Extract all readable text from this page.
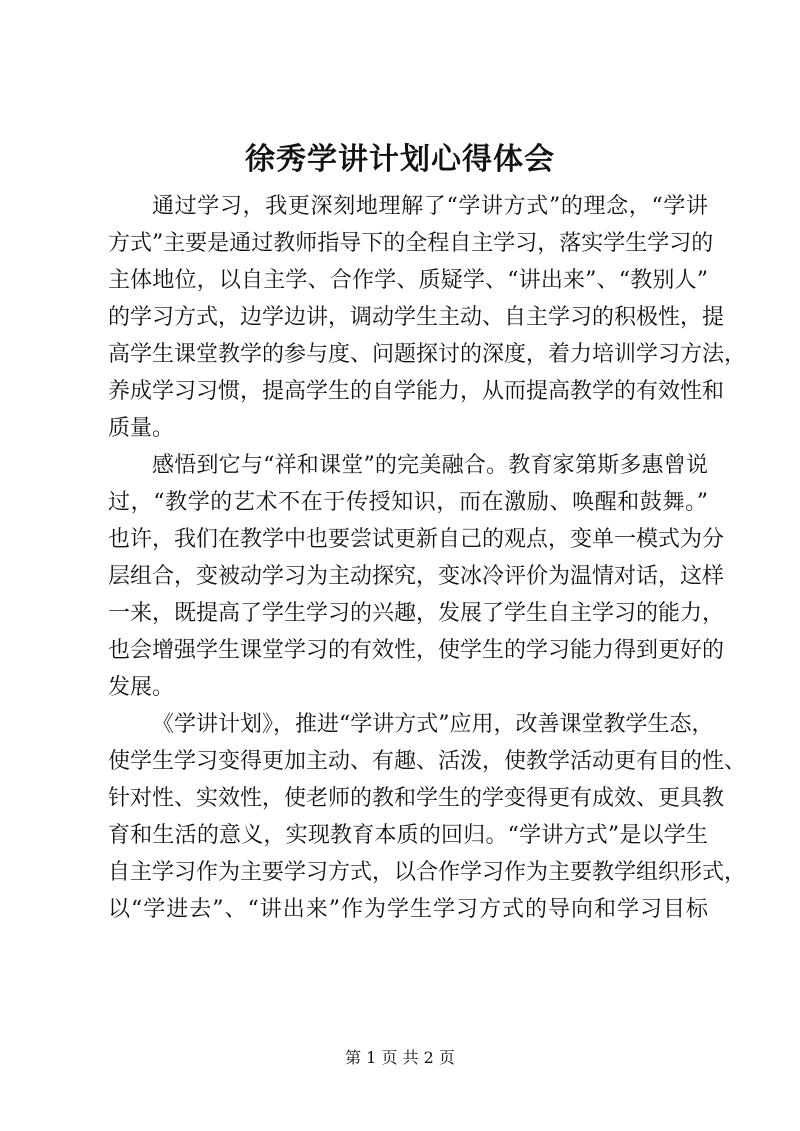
徐秀学讲计划心得体会
通过学习，我更深刻地理解了“学讲方式”的理念，“学讲
方式”主要是通过教师指导下的全程自主学习，落实学生学习的
主体地位，以自主学、合作学、质疑学、“讲出来”、“教别人”
的学习方式，边学边讲，调动学生主动、自主学习的积极性，提
高学生课堂教学的参与度、问题探讨的深度，着力培训学习方法，
养成学习习惯，提高学生的自学能力，从而提高教学的有效性和
质量。
感悟到它与“祥和课堂”的完美融合。教育家第斯多惠曾说
过，“教学的艺术不在于传授知识，而在激励、唤醒和鼓舞。”
也许，我们在教学中也要尝试更新自己的观点，变单一模式为分
层组合，变被动学习为主动探究，变冰冷评价为温情对话，这样
一来，既提高了学生学习的兴趣，发展了学生自主学习的能力，
也会增强学生课堂学习的有效性，使学生的学习能力得到更好的
发展。
《学讲计划》，推进“学讲方式”应用，改善课堂教学生态，
使学生学习变得更加主动、有趣、活泼，使教学活动更有目的性、
针对性、实效性，使老师的教和学生的学变得更有成效、更具教
育和生活的意义，实现教育本质的回归。“学讲方式”是以学生
自主学习作为主要学习方式，以合作学习作为主要教学组织形式，
以“学进去”、“讲出来”作为学生学习方式的导向和学习目标
第 1 页 共 2 页
